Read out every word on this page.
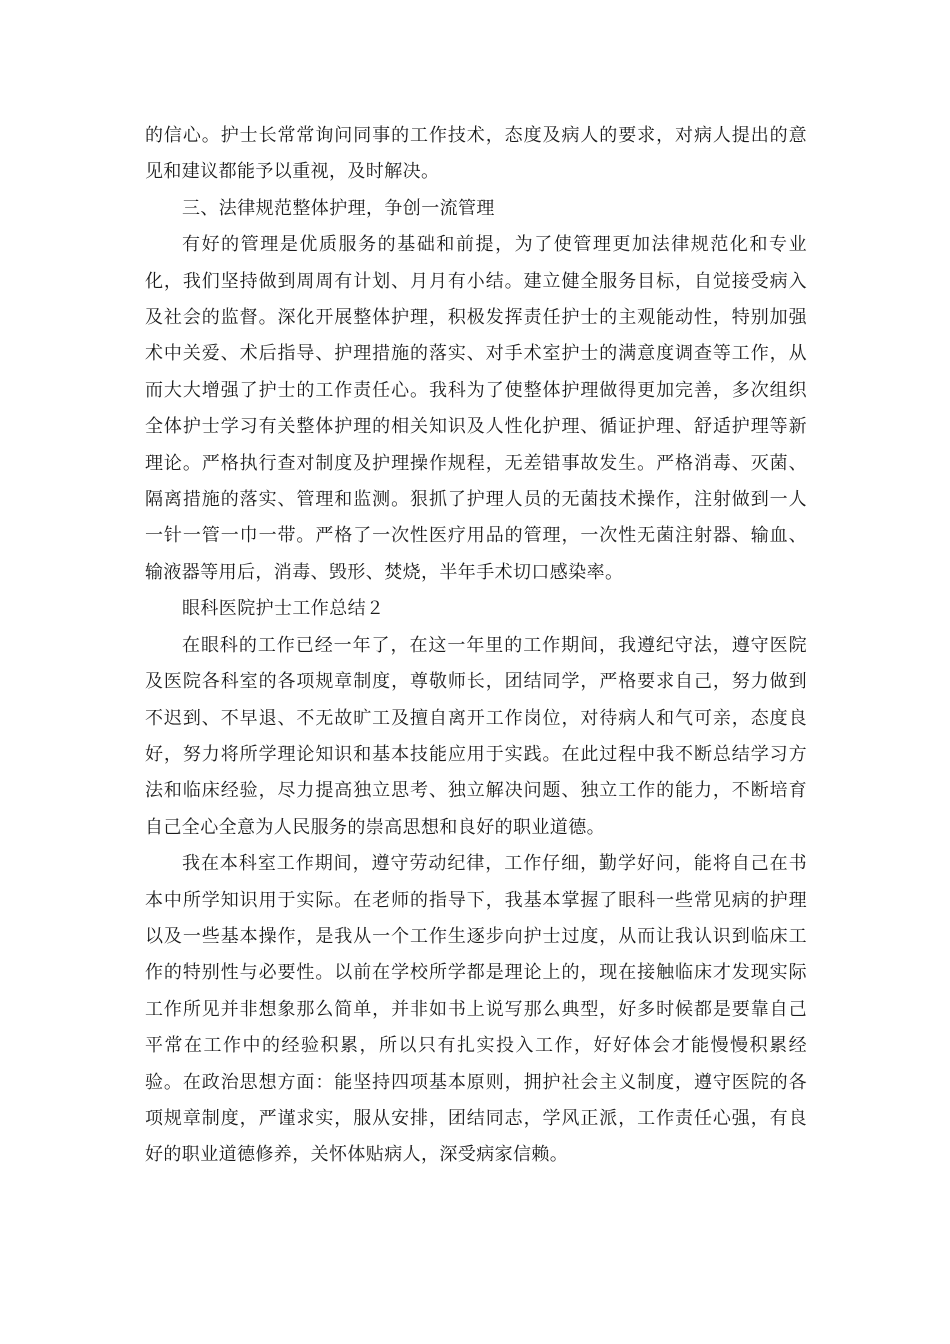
的信心。护士长常常询问同事的工作技术，态度及病人的要求，对病人提出的意见和建议都能予以重视，及时解决。

三、法律规范整体护理，争创一流管理

有好的管理是优质服务的基础和前提，为了使管理更加法律规范化和专业化，我们坚持做到周周有计划、月月有小结。建立健全服务目标，自觉接受病入及社会的监督。深化开展整体护理，积极发挥责任护士的主观能动性，特别加强术中关爱、术后指导、护理措施的落实、对手术室护士的满意度调查等工作，从而大大增强了护士的工作责任心。我科为了使整体护理做得更加完善，多次组织全体护士学习有关整体护理的相关知识及人性化护理、循证护理、舒适护理等新理论。严格执行查对制度及护理操作规程，无差错事故发生。严格消毒、灭菌、隔离措施的落实、管理和监测。狠抓了护理人员的无菌技术操作，注射做到一人一针一管一巾一带。严格了一次性医疗用品的管理，一次性无菌注射器、输血、输液器等用后，消毒、毁形、焚烧，半年手术切口感染率。

眼科医院护士工作总结２

在眼科的工作已经一年了，在这一年里的工作期间，我遵纪守法，遵守医院及医院各科室的各项规章制度，尊敬师长，团结同学，严格要求自己，努力做到不迟到、不早退、不无故旷工及擅自离开工作岗位，对待病人和气可亲，态度良好，努力将所学理论知识和基本技能应用于实践。在此过程中我不断总结学习方法和临床经验，尽力提高独立思考、独立解决问题、独立工作的能力，不断培育自己全心全意为人民服务的崇高思想和良好的职业道德。

我在本科室工作期间，遵守劳动纪律，工作仔细，勤学好问，能将自己在书本中所学知识用于实际。在老师的指导下，我基本掌握了眼科一些常见病的护理以及一些基本操作，是我从一个工作生逐步向护士过度，从而让我认识到临床工作的特别性与必要性。以前在学校所学都是理论上的，现在接触临床才发现实际工作所见并非想象那么简单，并非如书上说写那么典型，好多时候都是要靠自己平常在工作中的经验积累，所以只有扎实投入工作，好好体会才能慢慢积累经验。在政治思想方面：能坚持四项基本原则，拥护社会主义制度，遵守医院的各项规章制度，严谨求实，服从安排，团结同志，学风正派，工作责任心强，有良好的职业道德修养，关怀体贴病人，深受病家信赖。
